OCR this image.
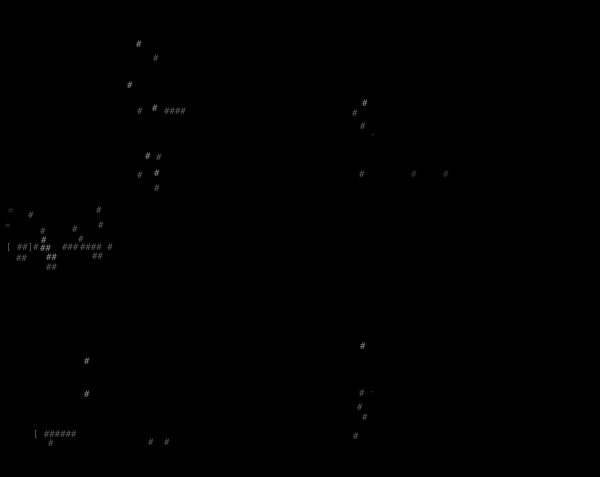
#
#
#
# # ####
# #
# #
#
#
#
#
-
#	#	#
= #	#
=
#	# #
#	#
[ ##]# ## ### #### #
## ##	##
##
#
#
[ ######
#	# #
#
-
#
#
#
#
